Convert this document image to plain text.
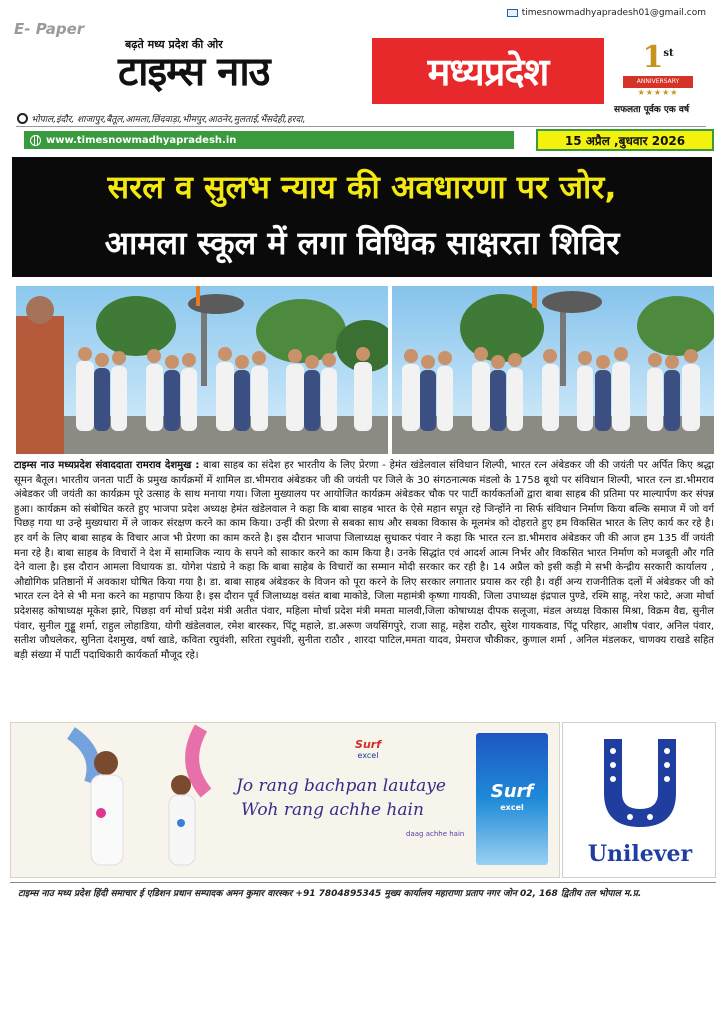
E- Paper
timesnowmadhyapradesh01@gmail.com
बढ़ते मध्य प्रदेश की ओर
टाइम्स नाउ	मध्यप्रदेश	1st
ANNIVERSARY
★★★★★
सफलता पूर्वक एक वर्ष
भोपाल,इंदौर, शाजापुर,बैतूल,आमला,छिंदवाड़ा,भीमपुर,आठनेर,मुलताई,भैंसदेही,हरदा,
www.timesnowmadhyapradesh.in	15 अप्रैल ,बुधवार 2026
सरल व सुलभ न्याय की अवधारणा पर जोर,
आमला स्कूल में लगा विधिक साक्षरता शिविर
टाइम्स नाउ मध्यप्रदेश संवाददाता रामराव देशमुख : बाबा साहब का संदेश हर भारतीय के लिए प्रेरणा - हेमंत खंडेलवाल संविधान शिल्पी, भारत रत्न अंबेडकर जी की जयंती पर अर्पित किए श्रद्धा सूमन बैतूल। भारतीय जनता पार्टी के प्रमुख कार्यक्रमों में शामिल डा.भीमराव अंबेडकर जी की जयंती पर जिले के 30 संगठनात्मक मंडलो के 1758 बूथो पर संविधान शिल्पी, भारत रत्न डा.भीमराव अंबेडकर जी जयंती का कार्यक्रम पूरे उत्साह के साथ मनाया गया। जिला मुख्यालय पर आयोजित कार्यक्रम अंबेडकर चौक पर पार्टी कार्यकर्ताओं द्वारा बाबा साहब की प्रतिमा पर माल्यार्पण कर संपन्न हुआ। कार्यक्रम को संबोधित करते हुए भाजपा प्रदेश अध्यक्ष हेमंत खंडेलवाल ने कहा कि बाबा साहब भारत के ऐसे महान सपूत रहे जिन्होंने ना सिर्फ संविधान निर्माण किया बल्कि समाज में जो वर्ग पिछड़ गया था उन्हे मुख्यधारा में ले जाकर संरक्षण करने का काम किया। उन्हीं की प्रेरणा से सबका साथ और सबका विकास के मूलमंत्र को दोहराते हुए हम विकसित भारत के लिए कार्य कर रहे है। हर वर्ग के लिए बाबा साहब के विचार आज भी प्रेरणा का काम करते है। इस दौरान भाजपा जिलाध्यक्ष सुधाकर पंवार ने कहा कि भारत रत्न डा.भीमराव अंबेडकर जी की आज हम 135 वीं जयंती मना रहे है। बाबा साहब के विचारों ने देश में सामाजिक न्याय के सपने को साकार करने का काम किया है। उनके सिद्धांत एवं आदर्श आत्म निर्भर और विकसित भारत निर्माण को मजबूती और गति देने वाला है। इस दौरान आमला विधायक डा. योगेश पंडाग्रे ने कहा कि बाबा साहेब के विचारों का सम्मान मोदी सरकार कर रही है। 14 अप्रैल को इसी कड़ी मे सभी केन्द्रीय सरकारी कार्यालय , औद्योगिक प्रतिष्ठानों में अवकाश घोषित किया गया है। डा. बाबा साहब अंबेडकर के विजन को पूरा करने के लिए सरकार लगातार प्रयास कर रही है। वहीं अन्य राजनीतिक दलों में अंबेडकर जी को भारत रत्न देने से भी मना करने का महापाप किया है। इस दौरान पूर्व जिलाध्यक्ष वसंत बाबा माकोडे, जिला महामंत्री कृष्णा गायकी, जिला उपाध्यक्ष इंद्रपाल पुण्डे, रश्मि साहू, नरेश फाटे, अजा मोर्चा प्रदेशसह कोषाध्यक्ष मूकेश झारे, पिछड़ा वर्ग मोर्चा प्रदेश मंत्री अतीत पंवार, महिला मोर्चा प्रदेश मंत्री ममता मालवी,जिला कोषाध्यक्ष दीपक सलूजा, मंडल अध्यक्ष विकास मिश्रा, विक्रम वैद्य, सुनील पंवार, सुनील गुड्डू शर्मा, राहुल लोहाडिया, योगी खंडेलवाल, रमेश बारस्कर, पिंटू महाले, डा.अरूण जयसिंगपुरे, राजा साहू, महेश राठौर, सुरेश गायकवाड, पिंटू परिहार, आशीष पंवार, अनिल पंवार, सतीश जौधलेकर, सुनिता देशमुख, वर्षा खाडे, कविता रघुवंशी, सरिता रघुवंशी, सुनीता राठौर , शारदा पाटिल,ममता यादव, प्रेमराज चौकीकर, कुणाल शर्मा , अनिल मंडलकर, चाणक्य राखडे सहित बड़ी संख्या में पार्टी पदाधिकारी कार्यकर्ता मौजूद रहे।
Surf
excel
Jo rang bachpan lautaye
Woh rang achhe hain
daag achhe hain
Surf
excel
Unilever
टाइम्स नाउ मध्य प्रदेश हिंदी समाचार ई एडिशन प्रधान सम्पादक अमन कुमार वारस्कर +91 7804895345 मुख्य कार्यालय महाराणा प्रताप नगर जोन 02, 168 द्वितीय तल भोपाल म.प्र.
